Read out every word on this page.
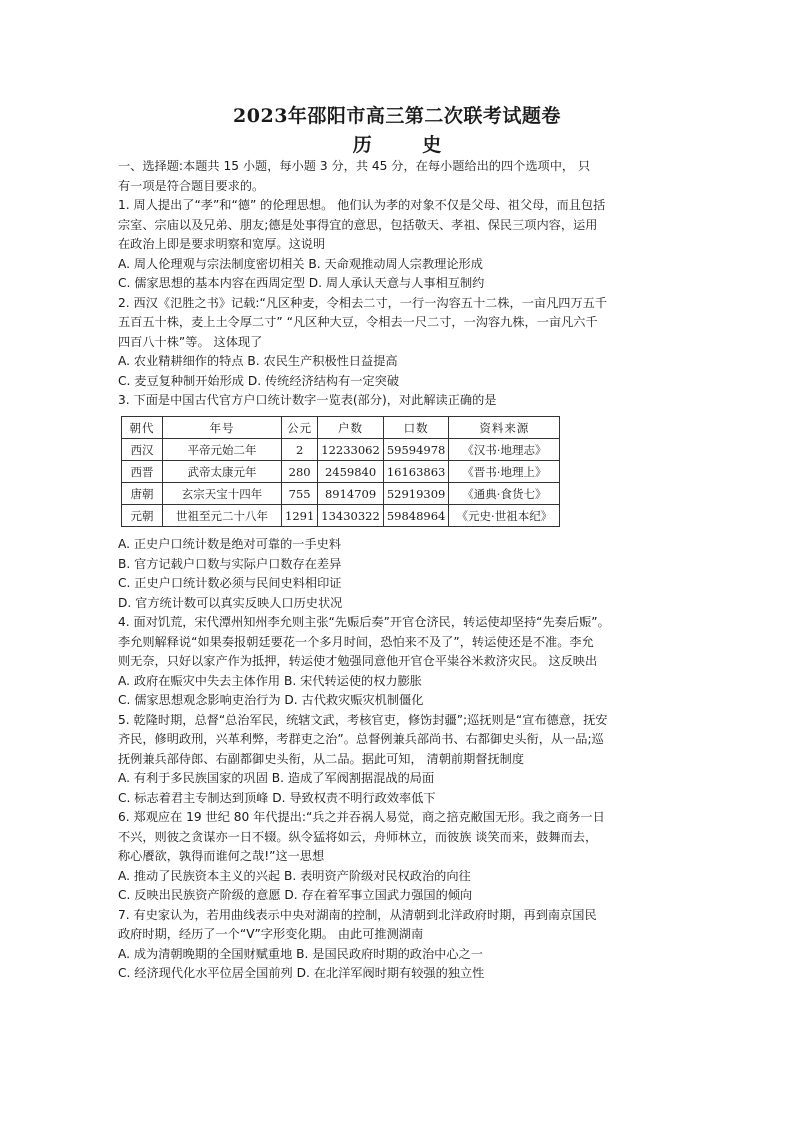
2023年邵阳市高三第二次联考试题卷
历 史
一、选择题:本题共 15 小题，每小题 3 分，共 45 分，在每小题给出的四个选项中， 只
有一项是符合题目要求的。
1. 周人提出了“孝”和“德” 的伦理思想。 他们认为孝的对象不仅是父母、祖父母，而且包括
宗室、宗庙以及兄弟、朋友;德是处事得宜的意思，包括敬天、孝祖、保民三项内容，运用
在政治上即是要求明察和宽厚。这说明
A. 周人伦理观与宗法制度密切相关 B. 天命观推动周人宗教理论形成
C. 儒家思想的基本内容在西周定型 D. 周人承认天意与人事相互制约
2. 西汉《氾胜之书》记载:“凡区种麦，令相去二寸，一行一沟容五十二株，一亩凡四万五千
五百五十株，麦上土令厚二寸” “凡区种大豆，令相去一尺二寸，一沟容九株，一亩凡六千
四百八十株”等。 这体现了
A. 农业精耕细作的特点 B. 农民生产积极性日益提高
C. 麦豆复种制开始形成 D. 传统经济结构有一定突破
3. 下面是中国古代官方户口统计数字一览表(部分)，对此解读正确的是
朝代	年号	公元	户数	口数	资料来源
西汉	平帝元始二年	2	12233062	59594978	《汉书·地理志》
西晋	武帝太康元年	280	2459840	16163863	《晋书·地理上》
唐朝	玄宗天宝十四年	755	8914709	52919309	《通典·食货七》
元朝	世祖至元二十八年	1291	13430322	59848964	《元史·世祖本纪》
A. 正史户口统计数是绝对可靠的一手史料
B. 官方记载户口数与实际户口数存在差异
C. 正史户口统计数必须与民间史料相印证
D. 官方统计数可以真实反映人口历史状况
4. 面对饥荒，宋代潭州知州李允则主张“先赈后奏”开官仓济民，转运使却坚持“先奏后赈”。
李允则解释说“如果奏报朝廷要花一个多月时间，恐怕来不及了”，转运使还是不准。李允
则无奈，只好以家产作为抵押，转运使才勉强同意他开官仓平粜谷米救济灾民。 这反映出
A. 政府在赈灾中失去主体作用 B. 宋代转运使的权力膨胀
C. 儒家思想观念影响吏治行为 D. 古代救灾赈灾机制僵化
5. 乾隆时期，总督“总治军民，统辖文武，考核官吏，修饬封疆”;巡抚则是“宣布德意，抚安
齐民，修明政刑，兴革利弊，考群吏之治”。总督例兼兵部尚书、右都御史头衔，从一品;巡
抚例兼兵部侍郎、右副都御史头衔，从二品。据此可知， 清朝前期督抚制度
A. 有利于多民族国家的巩固 B. 造成了军阀割据混战的局面
C. 标志着君主专制达到顶峰 D. 导致权责不明行政效率低下
6. 郑观应在 19 世纪 80 年代提出:“兵之并吞祸人易觉，商之掊克敝国无形。我之商务一日
不兴，则彼之贪谋亦一日不辍。纵令猛将如云，舟师林立，而彼族 谈笑而来，鼓舞而去，
称心餍欲，孰得而谁何之哉!”这一思想
A. 推动了民族资本主义的兴起 B. 表明资产阶级对民权政治的向往
C. 反映出民族资产阶级的意愿 D. 存在着军事立国武力强国的倾向
7. 有史家认为，若用曲线表示中央对湖南的控制，从清朝到北洋政府时期，再到南京国民
政府时期，经历了一个“V”字形变化期。 由此可推测湖南
A. 成为清朝晚期的全国财赋重地 B. 是国民政府时期的政治中心之一
C. 经济现代化水平位居全国前列 D. 在北洋军阀时期有较强的独立性
